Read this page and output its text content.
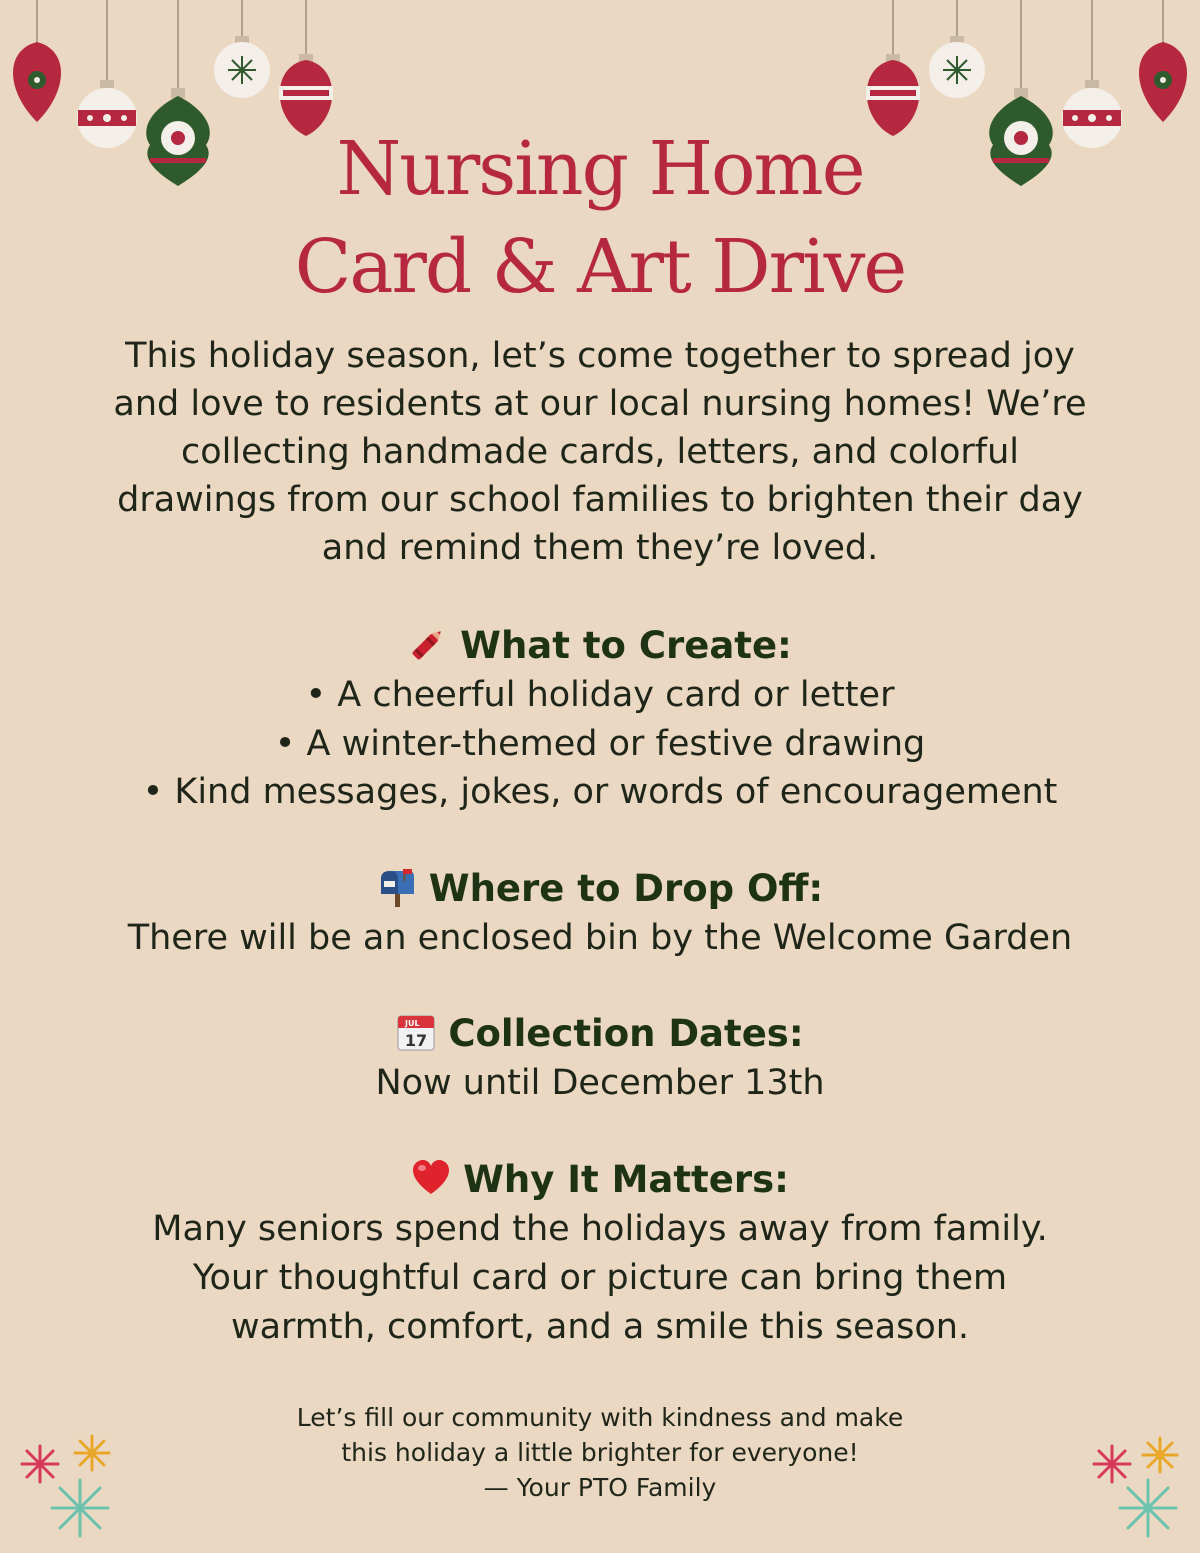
Nursing Home
Card & Art Drive
This holiday season, let’s come together to spread joy
and love to residents at our local nursing homes! We’re
collecting handmade cards, letters, and colorful
drawings from our school families to brighten their day
and remind them they’re loved.
What to Create:
• A cheerful holiday card or letter
• A winter-themed or festive drawing
• Kind messages, jokes, or words of encouragement
Where to Drop Off:
There will be an enclosed bin by the Welcome Garden
JUL
17 Collection Dates:
Now until December 13th
Why It Matters:
Many seniors spend the holidays away from family.
Your thoughtful card or picture can bring them
warmth, comfort, and a smile this season.
Let’s fill our community with kindness and make
this holiday a little brighter for everyone!
— Your PTO Family
